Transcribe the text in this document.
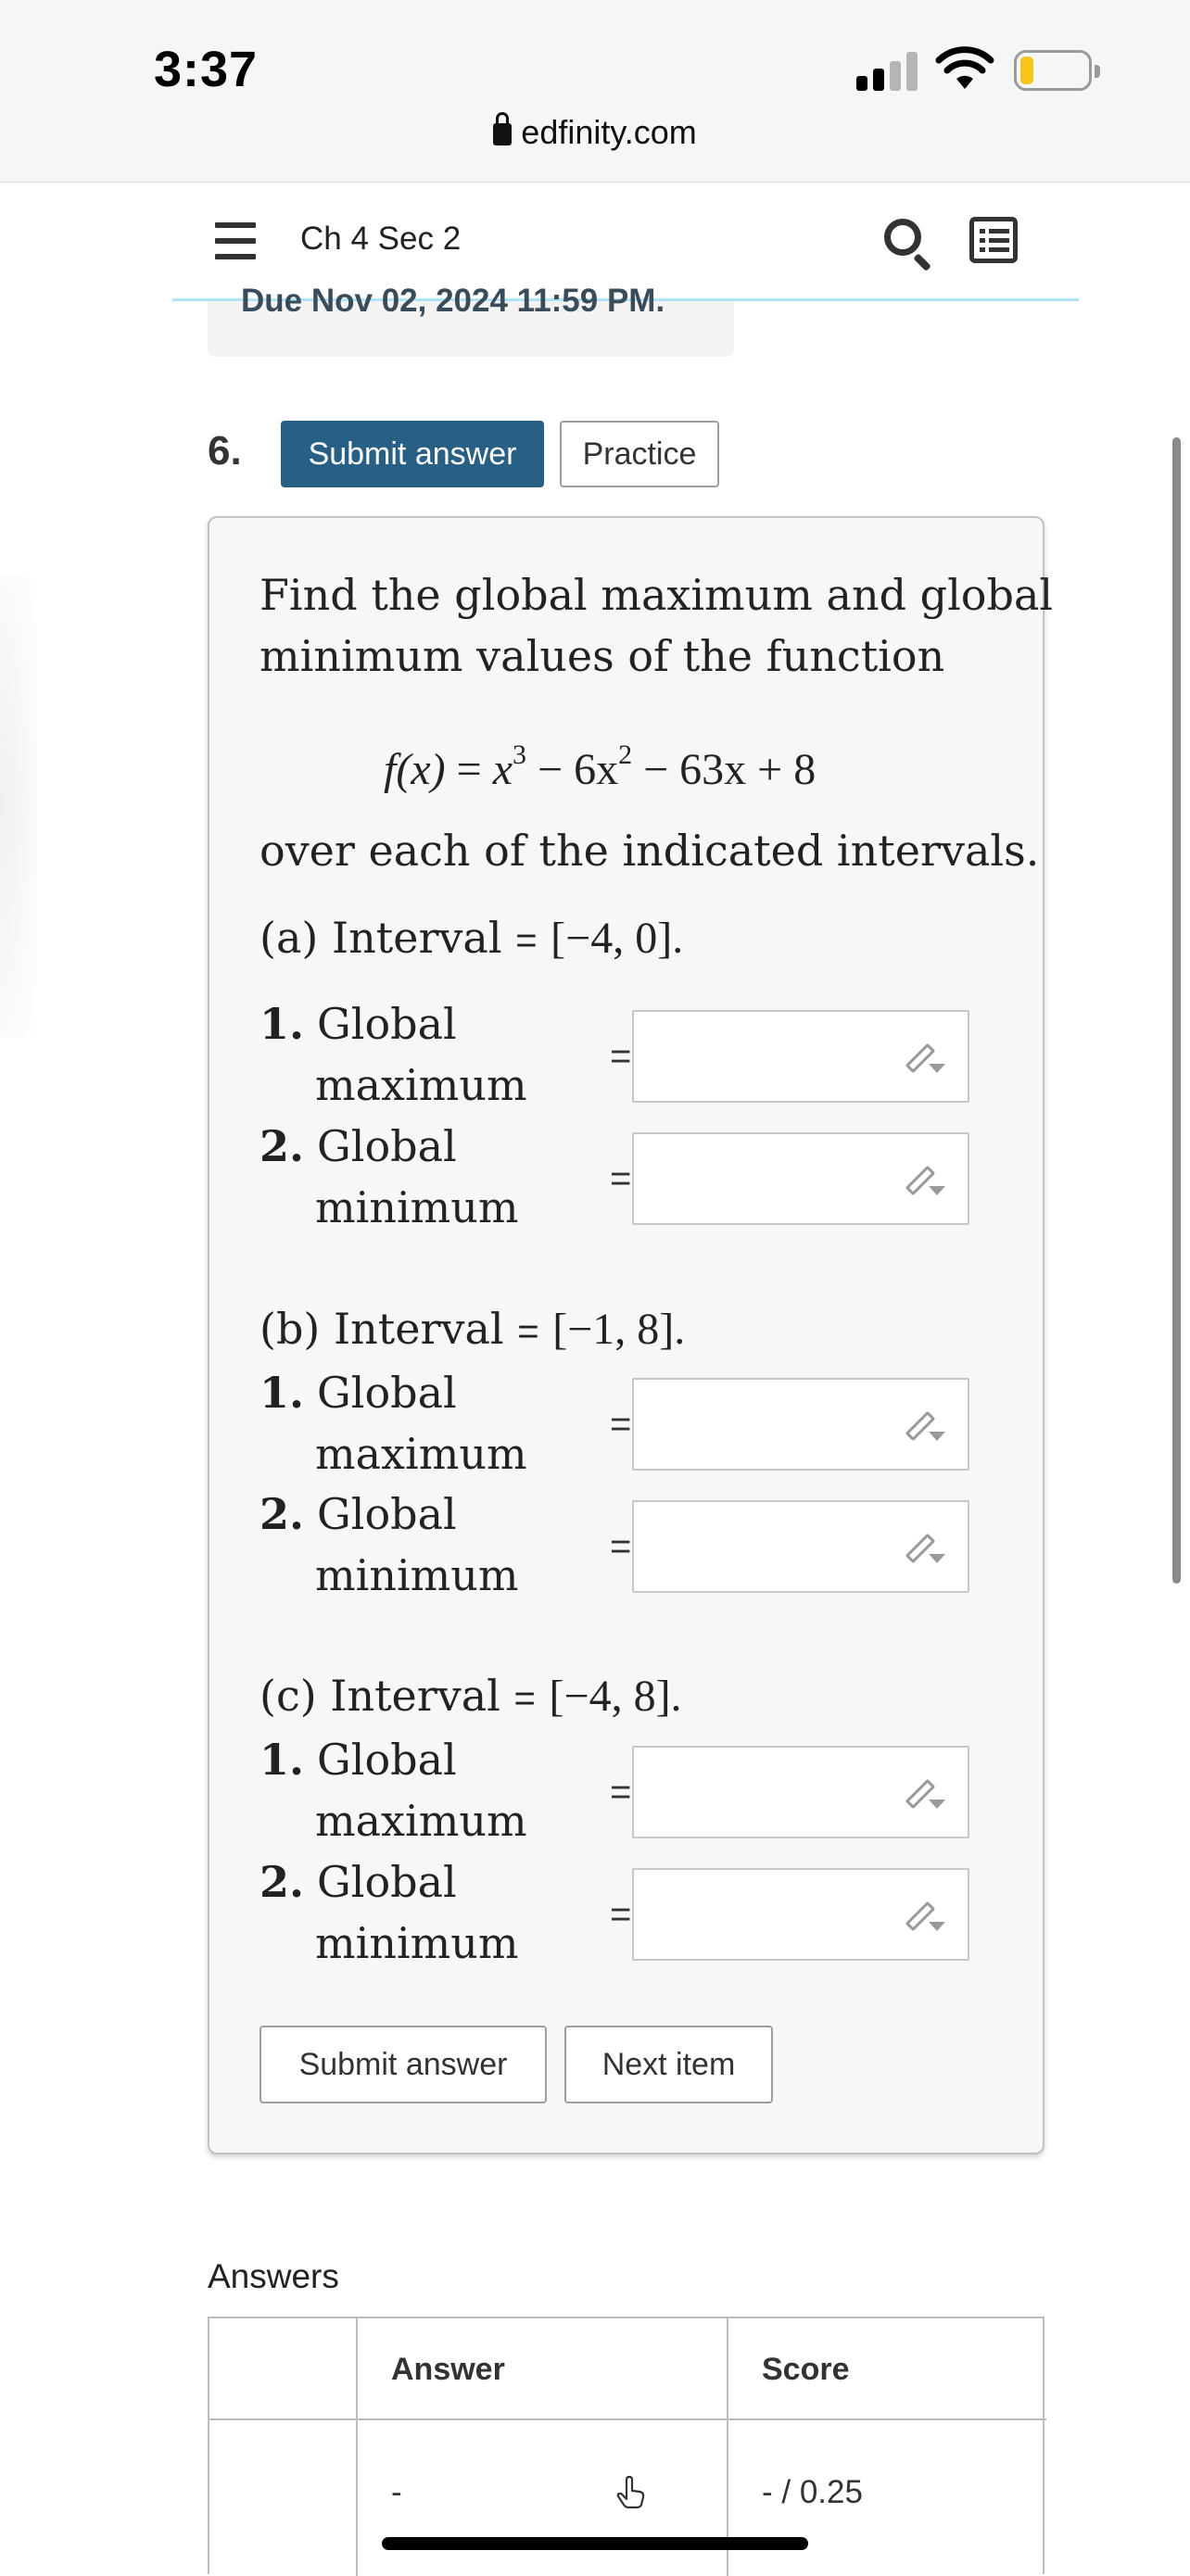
3:37
edfinity.com
Ch 4 Sec 2
Due Nov 02, 2024 11:59 PM.
6.	Submit answer	Practice
Find the global maximum and global
minimum values of the function
$f(x) = x^3 - 6x^2 - 63x + 8$
over each of the indicated intervals.
(a) Interval = [−4, 0].
1. Global
maximum
=
2. Global
minimum
=
(b) Interval = [−1, 8].
1. Global
maximum
=
2. Global
minimum
=
(c) Interval = [−4, 8].
1. Global
maximum
=
2. Global
minimum
=
Submit answer	Next item
Answers
Answer	Score
-	- / 0.25
